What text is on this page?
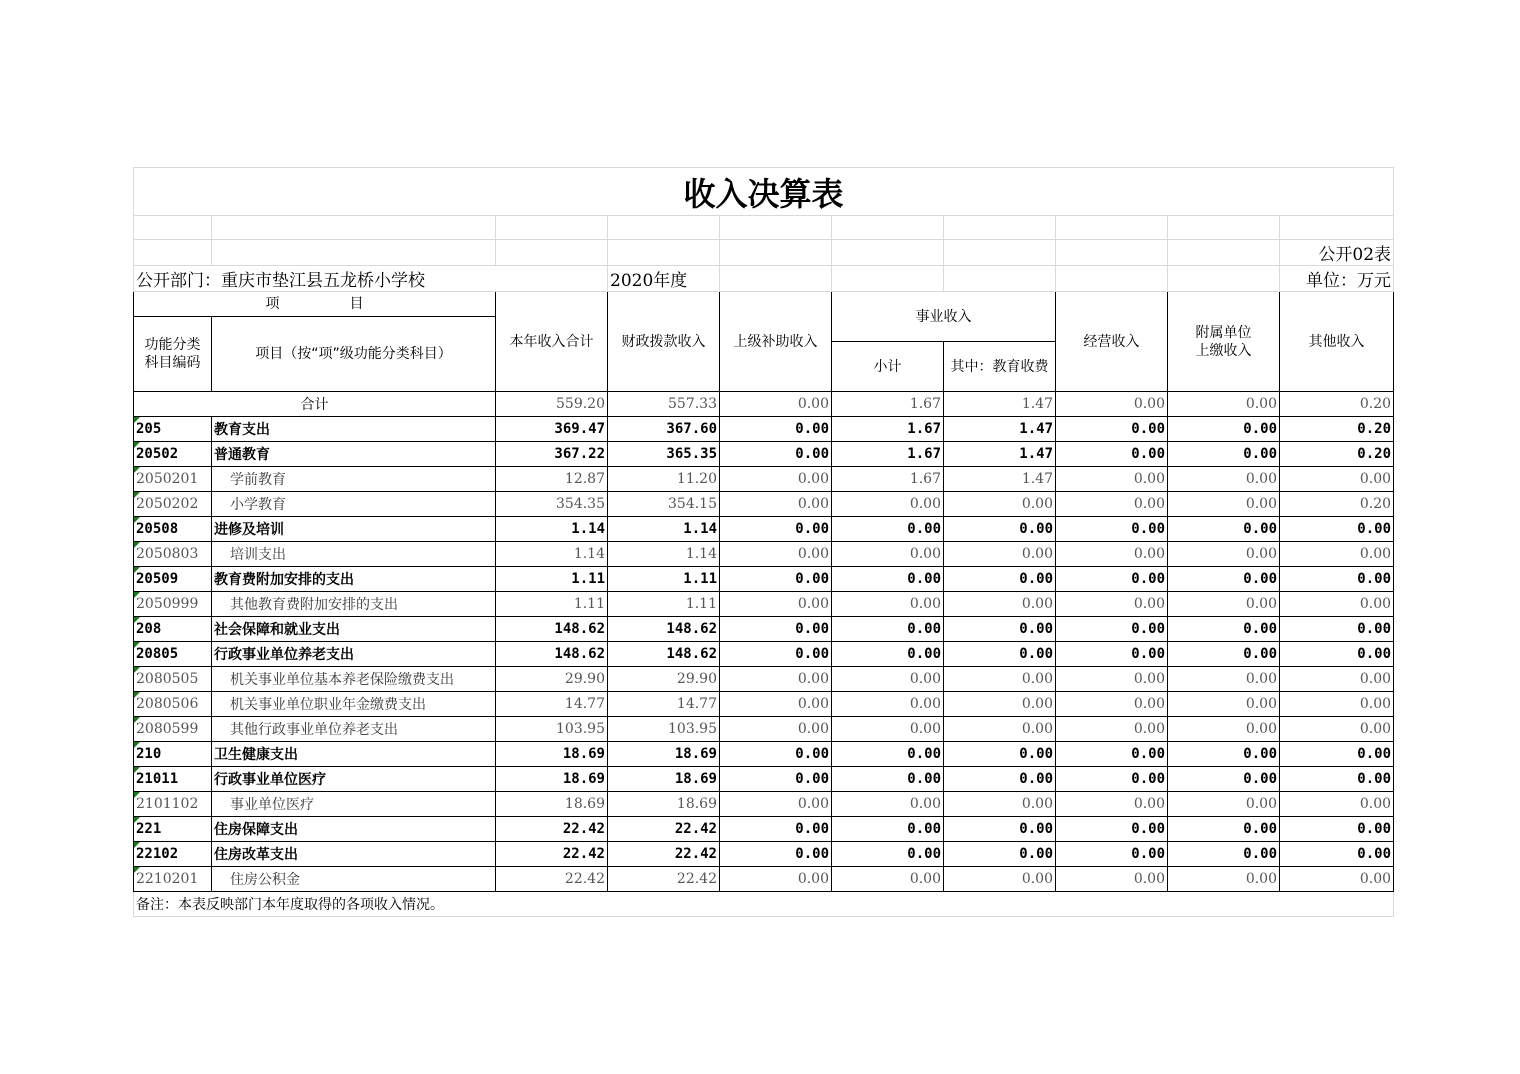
收入决算表									

									公开02表
公开部门：重庆市垫江县五龙桥小学校			2020年度						单位：万元
项　　　　　目		本年收入合计	财政拨款收入	上级补助收入	事业收入		经营收入	附属单位上缴收入	其他收入
功能分类科目编码	项目（按“项”级功能分类科目）								
					小计	其中：教育收费			
合计		559.20	557.33	0.00	1.67	1.47	0.00	0.00	0.20

205	教育支出	369.47	367.60	0.00	1.67	1.47	0.00	0.00	0.20

20502	普通教育	367.22	365.35	0.00	1.67	1.47	0.00	0.00	0.20

2050201	学前教育	12.87	11.20	0.00	1.67	1.47	0.00	0.00	0.00

2050202	小学教育	354.35	354.15	0.00	0.00	0.00	0.00	0.00	0.20

20508	进修及培训	1.14	1.14	0.00	0.00	0.00	0.00	0.00	0.00

2050803	培训支出	1.14	1.14	0.00	0.00	0.00	0.00	0.00	0.00

20509	教育费附加安排的支出	1.11	1.11	0.00	0.00	0.00	0.00	0.00	0.00

2050999	其他教育费附加安排的支出	1.11	1.11	0.00	0.00	0.00	0.00	0.00	0.00

208	社会保障和就业支出	148.62	148.62	0.00	0.00	0.00	0.00	0.00	0.00

20805	行政事业单位养老支出	148.62	148.62	0.00	0.00	0.00	0.00	0.00	0.00

2080505	机关事业单位基本养老保险缴费支出	29.90	29.90	0.00	0.00	0.00	0.00	0.00	0.00

2080506	机关事业单位职业年金缴费支出	14.77	14.77	0.00	0.00	0.00	0.00	0.00	0.00

2080599	其他行政事业单位养老支出	103.95	103.95	0.00	0.00	0.00	0.00	0.00	0.00

210	卫生健康支出	18.69	18.69	0.00	0.00	0.00	0.00	0.00	0.00

21011	行政事业单位医疗	18.69	18.69	0.00	0.00	0.00	0.00	0.00	0.00

2101102	事业单位医疗	18.69	18.69	0.00	0.00	0.00	0.00	0.00	0.00

221	住房保障支出	22.42	22.42	0.00	0.00	0.00	0.00	0.00	0.00

22102	住房改革支出	22.42	22.42	0.00	0.00	0.00	0.00	0.00	0.00

2210201	住房公积金	22.42	22.42	0.00	0.00	0.00	0.00	0.00	0.00
备注：本表反映部门本年度取得的各项收入情况。									
